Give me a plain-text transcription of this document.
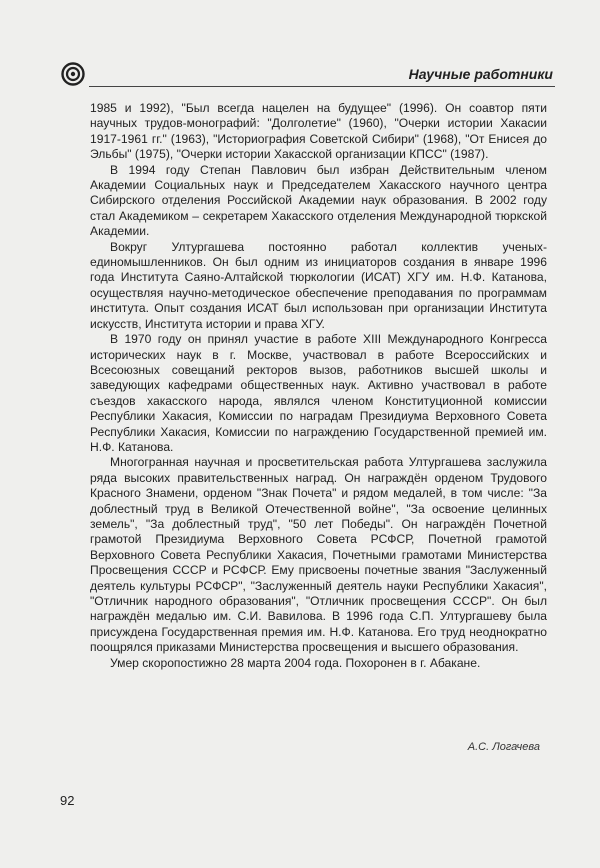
Научные работники

1985 и 1992), "Был всегда нацелен на будущее" (1996). Он соавтор пяти научных трудов-монографий: "Долголетие" (1960), "Очерки истории Хакасии 1917-1961 гг." (1963), "Историография Советской Сибири" (1968), "От Енисея до Эльбы" (1975), "Очерки истории Хакасской организации КПСС" (1987).

В 1994 году Степан Павлович был избран Действительным членом Академии Социальных наук и Председателем Хакасского научного центра Сибирского отделения Российской Академии наук образования. В 2002 году стал Академиком – секретарем Хакасского отделения Международной тюркской Академии.

Вокруг Ултургашева постоянно работал коллектив ученых-единомышленников. Он был одним из инициаторов создания в январе 1996 года Института Саяно-Алтайской тюркологии (ИСАТ) ХГУ им. Н.Ф. Катанова, осуществляя научно-методическое обеспечение преподавания по программам института. Опыт создания ИСАТ был использован при организации Института искусств, Института истории и права ХГУ.

В 1970 году он принял участие в работе XIII Международного Конгресса исторических наук в г. Москве, участвовал в работе Всероссийских и Всесоюзных совещаний ректоров вызов, работников высшей школы и заведующих кафедрами общественных наук. Активно участвовал в работе съездов хакасского народа, являлся членом Конституционной комиссии Республики Хакасия, Комиссии по наградам Президиума Верховного Совета Республики Хакасия, Комиссии по награждению Государственной премией им. Н.Ф. Катанова.

Многогранная научная и просветительская работа Ултургашева заслужила ряда высоких правительственных наград. Он награждён орденом Трудового Красного Знамени, орденом "Знак Почета" и рядом медалей, в том числе: "За доблестный труд в Великой Отечественной войне", "За освоение целинных земель", "За доблестный труд", "50 лет Победы". Он награждён Почетной грамотой Президиума Верховного Совета РСФСР, Почетной грамотой Верховного Совета Республики Хакасия, Почетными грамотами Министерства Просвещения СССР и РСФСР. Ему присвоены почетные звания "Заслуженный деятель культуры РСФСР", "Заслуженный деятель науки Республики Хакасия", "Отличник народного образования", "Отличник просвещения СССР". Он был награждён медалью им. С.И. Вавилова. В 1996 года С.П. Ултургашеву была присуждена Государственная премия им. Н.Ф. Катанова. Его труд неоднократно поощрялся приказами Министерства просвещения и высшего образования.

Умер скоропостижно 28 марта 2004 года. Похоронен в г. Абакане.

А.С. Логачева
92
